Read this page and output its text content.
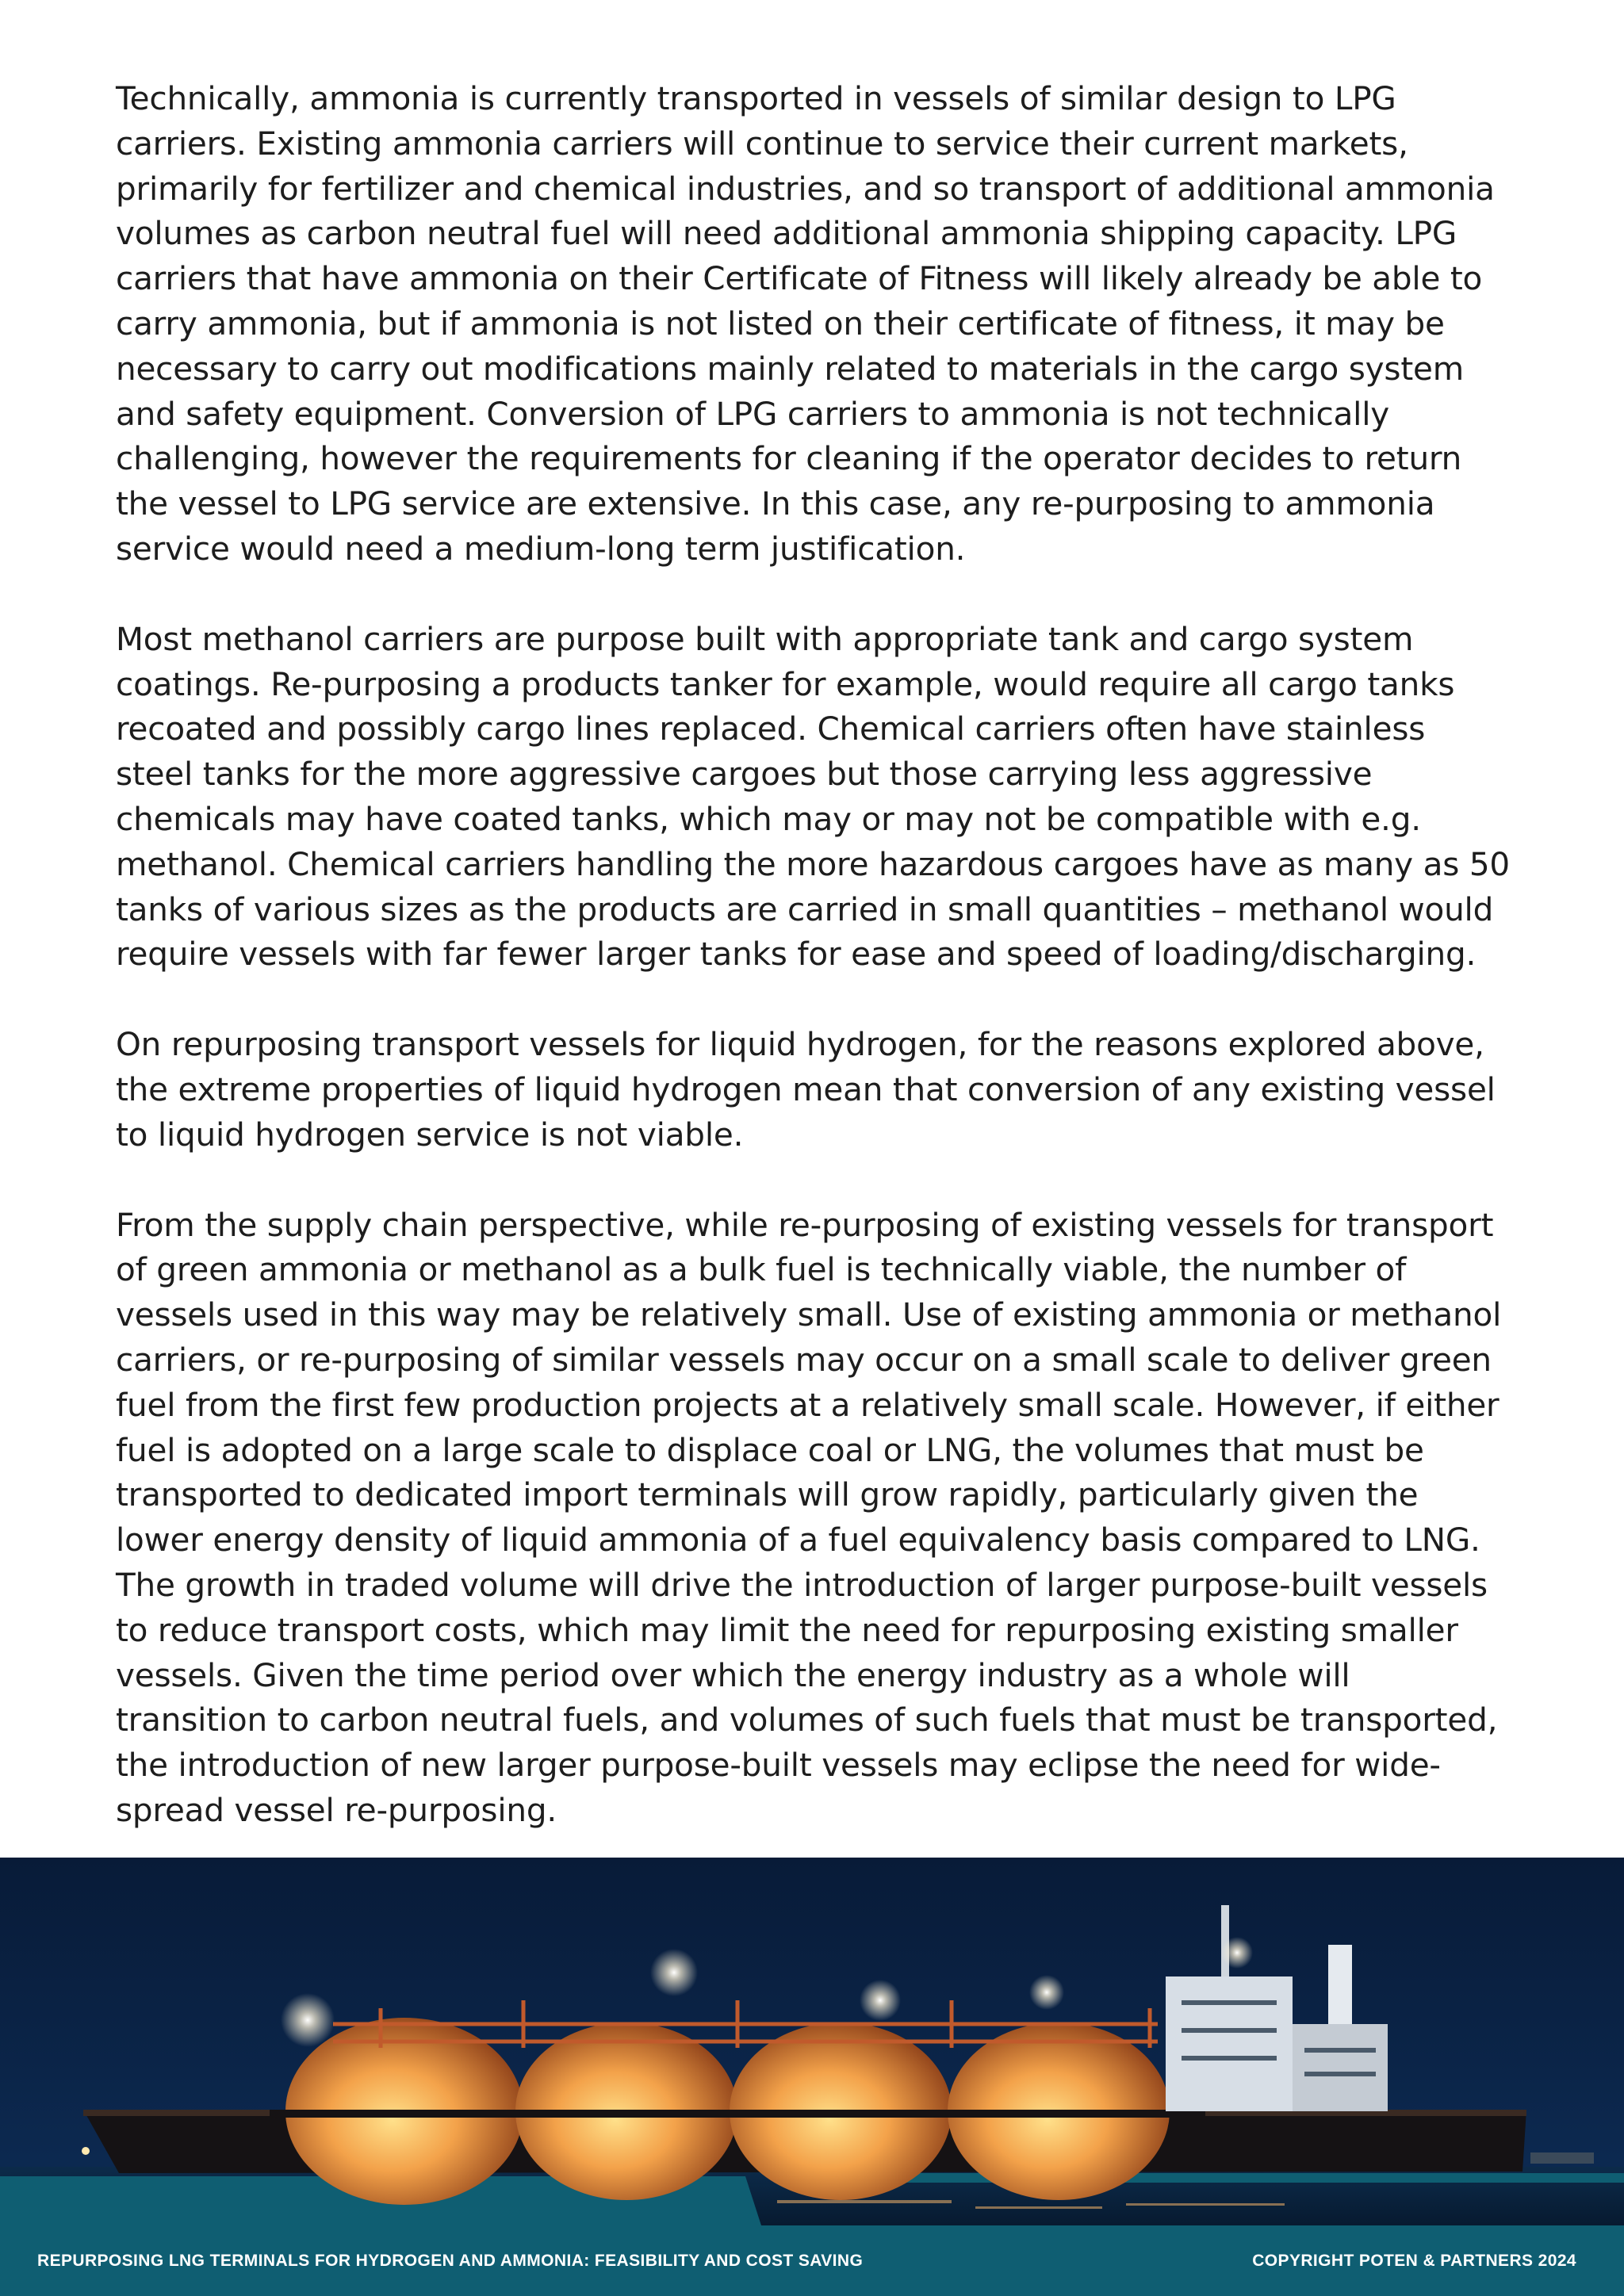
Technically, ammonia is currently transported in vessels of similar design to LPG carriers. Existing ammonia carriers will continue to service their current markets, primarily for fertilizer and chemical industries, and so transport of additional ammonia volumes as carbon neutral fuel will need additional ammonia shipping capacity. LPG carriers that have ammonia on their Certificate of Fitness will likely already be able to carry ammonia, but if ammonia is not listed on their certificate of fitness, it may be necessary to carry out modifications mainly related to materials in the cargo system and safety equipment. Conversion of LPG carriers to ammonia is not technically challenging, however the requirements for cleaning if the operator decides to return the vessel to LPG service are extensive. In this case, any re-purposing to ammonia service would need a medium-long term justification.

Most methanol carriers are purpose built with appropriate tank and cargo system coatings. Re-purposing a products tanker for example, would require all cargo tanks recoated and possibly cargo lines replaced. Chemical carriers often have stainless steel tanks for the more aggressive cargoes but those carrying less aggressive chemicals may have coated tanks, which may or may not be compatible with e.g. methanol. Chemical carriers handling the more hazardous cargoes have as many as 50 tanks of various sizes as the products are carried in small quantities – methanol would require vessels with far fewer larger tanks for ease and speed of loading/discharging.

On repurposing transport vessels for liquid hydrogen, for the reasons explored above, the extreme properties of liquid hydrogen mean that conversion of any existing vessel to liquid hydrogen service is not viable.

From the supply chain perspective, while re-purposing of existing vessels for transport of green ammonia or methanol as a bulk fuel is technically viable, the number of vessels used in this way may be relatively small. Use of existing ammonia or methanol carriers, or re-purposing of similar vessels may occur on a small scale to deliver green fuel from the first few production projects at a relatively small scale. However, if either fuel is adopted on a large scale to displace coal or LNG, the volumes that must be transported to dedicated import terminals will grow rapidly, particularly given the lower energy density of liquid ammonia of a fuel equivalency basis compared to LNG. The growth in traded volume will drive the introduction of larger purpose-built vessels to reduce transport costs, which may limit the need for repurposing existing smaller vessels. Given the time period over which the energy industry as a whole will transition to carbon neutral fuels, and volumes of such fuels that must be transported, the introduction of new larger purpose-built vessels may eclipse the need for wide-spread vessel re-purposing.

REPURPOSING LNG TERMINALS FOR HYDROGEN AND AMMONIA: FEASIBILITY AND COST SAVING	COPYRIGHT POTEN & PARTNERS 2024
